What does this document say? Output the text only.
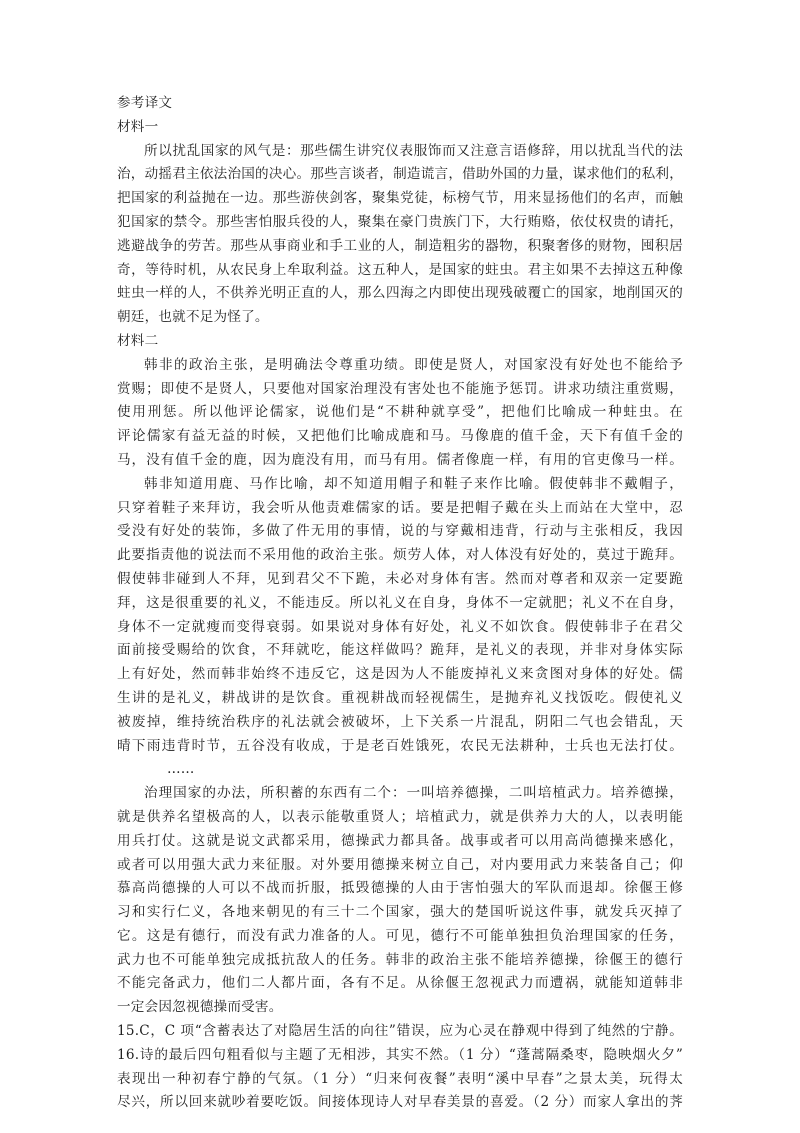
参考译文
材料一
所以扰乱国家的风气是：那些儒生讲究仪表服饰而又注意言语修辞，用以扰乱当代的法
治，动摇君主依法治国的决心。那些言谈者，制造谎言，借助外国的力量，谋求他们的私利，
把国家的利益抛在一边。那些游侠剑客，聚集党徒，标榜气节，用来显扬他们的名声，而触
犯国家的禁令。那些害怕服兵役的人，聚集在豪门贵族门下，大行贿赂，依仗权贵的请托，
逃避战争的劳苦。那些从事商业和手工业的人，制造粗劣的器物，积聚奢侈的财物，囤积居
奇，等待时机，从农民身上牟取利益。这五种人，是国家的蛀虫。君主如果不去掉这五种像
蛀虫一样的人，不供养光明正直的人，那么四海之内即使出现残破覆亡的国家，地削国灭的
朝廷，也就不足为怪了。
材料二
韩非的政治主张，是明确法令尊重功绩。即使是贤人，对国家没有好处也不能给予
赏赐；即使不是贤人，只要他对国家治理没有害处也不能施予惩罚。讲求功绩注重赏赐，
使用刑惩。所以他评论儒家，说他们是“不耕种就享受”，把他们比喻成一种蛀虫。在
评论儒家有益无益的时候，又把他们比喻成鹿和马。马像鹿的值千金，天下有值千金的
马，没有值千金的鹿，因为鹿没有用，而马有用。儒者像鹿一样，有用的官吏像马一样。
韩非知道用鹿、马作比喻，却不知道用帽子和鞋子来作比喻。假使韩非不戴帽子，
只穿着鞋子来拜访，我会听从他责难儒家的话。要是把帽子戴在头上而站在大堂中，忍
受没有好处的装饰，多做了件无用的事情，说的与穿戴相违背，行动与主张相反，我因
此要指责他的说法而不采用他的政治主张。烦劳人体，对人体没有好处的，莫过于跪拜。
假使韩非碰到人不拜，见到君父不下跪，未必对身体有害。然而对尊者和双亲一定要跪
拜，这是很重要的礼义，不能违反。所以礼义在自身，身体不一定就肥；礼义不在自身，
身体不一定就瘦而变得衰弱。如果说对身体有好处，礼义不如饮食。假使韩非子在君父
面前接受赐给的饮食，不拜就吃，能这样做吗？跪拜，是礼义的表现，并非对身体实际
上有好处，然而韩非始终不违反它，这是因为人不能废掉礼义来贪图对身体的好处。儒
生讲的是礼义，耕战讲的是饮食。重视耕战而轻视儒生，是抛弃礼义找饭吃。假使礼义
被废掉，维持统治秩序的礼法就会被破坏，上下关系一片混乱，阴阳二气也会错乱，天
晴下雨违背时节，五谷没有收成，于是老百姓饿死，农民无法耕种，士兵也无法打仗。
……
治理国家的办法，所积蓄的东西有二个：一叫培养德操，二叫培植武力。培养德操，
就是供养名望极高的人，以表示能敬重贤人；培植武力，就是供养力大的人，以表明能
用兵打仗。这就是说文武都采用，德操武力都具备。战事或者可以用高尚德操来感化，
或者可以用强大武力来征服。对外要用德操来树立自己，对内要用武力来装备自己；仰
慕高尚德操的人可以不战而折服，抵毁德操的人由于害怕强大的军队而退却。徐偃王修
习和实行仁义，各地来朝见的有三十二个国家，强大的楚国听说这件事，就发兵灭掉了
它。这是有德行，而没有武力准备的人。可见，德行不可能单独担负治理国家的任务，
武力也不可能单独完成抵抗敌人的任务。韩非的政治主张不能培养德操，徐偃王的德行
不能完备武力，他们二人都片面，各有不足。从徐偃王忽视武力而遭祸，就能知道韩非
一定会因忽视德操而受害。
15.C，C 项“含蓄表达了对隐居生活的向往”错误，应为心灵在静观中得到了纯然的宁静。
16.诗的最后四句粗看似与主题了无相涉，其实不然。（1 分）“蓬蒿隔桑枣，隐映烟火夕”
表现出一种初春宁静的气氛。（1 分）“归来何夜餐”表明“溪中早春”之景太美，玩得太
尽兴，所以回来就吵着要吃饭。间接体现诗人对早春美景的喜爱。（2 分）而家人拿出的荠
